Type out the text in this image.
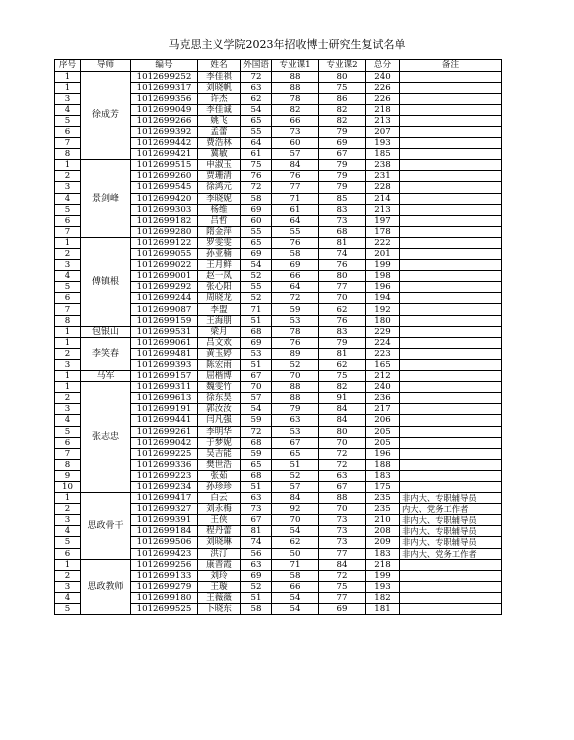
马克思主义学院2023年招收博士研究生复试名单
序号	导师	编号	姓名	外国语	专业课1	专业课2	总分	备注
1	徐成芳	1012699252	李佳祺	72	88	80	240	
1		1012699317	刘晓帆	63	88	75	226	
3		1012699356	许杰	62	78	86	226	
4		1012699049	李佳诚	54	82	82	218	
5		1012699266	姚飞	65	66	82	213	
6		1012699392	孟蕾	55	73	79	207	
7		1012699442	费浩林	64	60	69	193	
8		1012699421	冀敏	61	57	67	185	
1	景剑峰	1012699515	申淑玉	75	84	79	238	
2		1012699260	贾珊清	76	76	79	231	
3		1012699545	徐鸿元	72	77	79	228	
4		1012699420	李晓妮	58	71	85	214	
5		1012699303	杨维	69	61	83	213	
6		1012699182	吕哲	60	64	73	197	
7		1012699280	隋金萍	55	55	68	178	
1	傅镇根	1012699122	罗雯雯	65	76	81	222	
2		1012699055	孙亚楠	69	58	74	201	
3		1012699022	王月鲜	54	69	76	199	
4		1012699001	赵一凤	52	66	80	198	
5		1012699292	张心阳	55	64	77	196	
6		1012699244	周晓龙	52	72	70	194	
7		1012699087	李盟	71	59	62	192	
8		1012699159	王海朋	51	53	76	180	
1	包银山	1012699531	梁月	68	78	83	229	
1	李笑春	1012699061	吕文欢	69	76	79	224	
2		1012699481	黄玉婷	53	89	81	223	
3		1012699393	陈宏雨	51	52	62	165	
1	马军	1012699157	屈楷博	67	70	75	212	
1	张志忠	1012699311	魏雯竹	70	88	82	240	
2		1012699613	徐东昊	57	88	91	236	
3		1012699191	郭汝汝	54	79	84	217	
4		1012699441	闫凡强	59	63	84	206	
5		1012699261	李明华	72	53	80	205	
6		1012699042	于梦妮	68	67	70	205	
7		1012699225	吴吉能	59	65	72	196	
8		1012699336	樊世浩	65	51	72	188	
9		1012699223	张茹	68	52	63	183	
10		1012699234	孙珍珍	51	57	67	175	
1	思政骨干	1012699417	白云	63	84	88	235	非内大、专职辅导员
2		1012699327	刘永梅	73	92	70	235	内大、党务工作者
3		1012699391	王侠	67	70	73	210	非内大、专职辅导员
4		1012699184	程丹蕾	81	54	73	208	非内大、专职辅导员
5		1012699506	刘晓琳	74	62	73	209	非内大、专职辅导员
6		1012699423	洪汀	56	50	77	183	非内大、党务工作者
1	思政教师	1012699256	康晋霞	63	71	84	218	
2		1012699133	刘玲	69	58	72	199	
3		1012699279	王璇	52	66	75	193	
4		1012699180	王薇薇	51	54	77	182	
5		1012699525	卜晓东	58	54	69	181	
